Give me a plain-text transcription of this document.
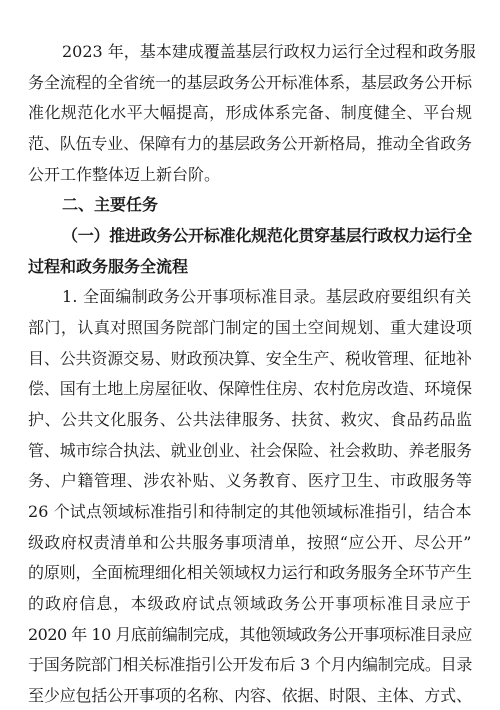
2023 年，基本建成覆盖基层行政权力运行全过程和政务服
务全流程的全省统一的基层政务公开标准体系，基层政务公开标
准化规范化水平大幅提高，形成体系完备、制度健全、平台规
范、队伍专业、保障有力的基层政务公开新格局，推动全省政务
公开工作整体迈上新台阶。
二、主要任务
（一）推进政务公开标准化规范化贯穿基层行政权力运行全
过程和政务服务全流程
1. 全面编制政务公开事项标准目录。基层政府要组织有关
部门，认真对照国务院部门制定的国土空间规划、重大建设项
目、公共资源交易、财政预决算、安全生产、税收管理、征地补
偿、国有土地上房屋征收、保障性住房、农村危房改造、环境保
护、公共文化服务、公共法律服务、扶贫、救灾、食品药品监
管、城市综合执法、就业创业、社会保险、社会救助、养老服务
务、户籍管理、涉农补贴、义务教育、医疗卫生、市政服务等
26 个试点领域标准指引和待制定的其他领域标准指引，结合本
级政府权责清单和公共服务事项清单，按照“应公开、尽公开”
的原则，全面梳理细化相关领域权力运行和政务服务全环节产生
的政府信息，本级政府试点领域政务公开事项标准目录应于
2020 年 10 月底前编制完成，其他领域政务公开事项标准目录应
于国务院部门相关标准指引公开发布后 3 个月内编制完成。目录
至少应包括公开事项的名称、内容、依据、时限、主体、方式、
